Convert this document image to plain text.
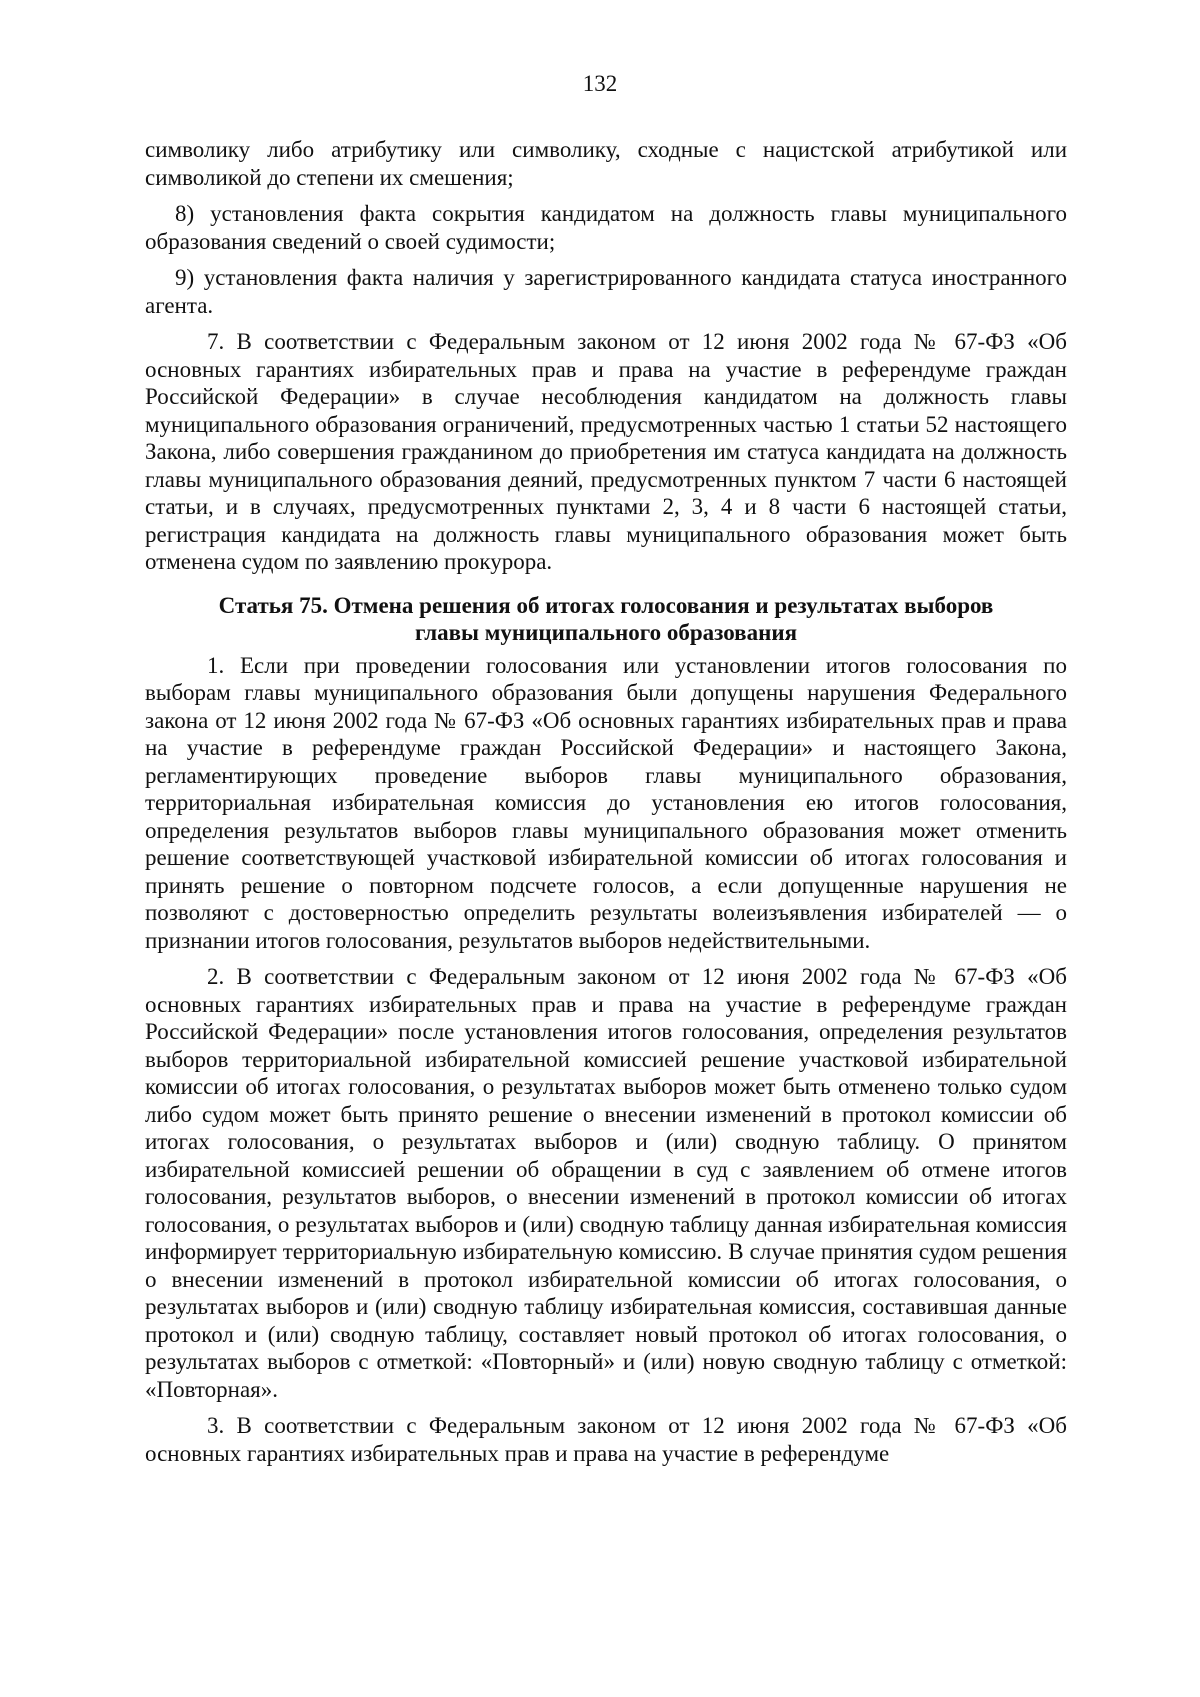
132

символику либо атрибутику или символику, сходные с нацистской атрибутикой или символикой до степени их смешения;

8) установления факта сокрытия кандидатом на должность главы муниципального образования сведений о своей судимости;

9) установления факта наличия у зарегистрированного кандидата статуса иностранного агента.

7. В соответствии с Федеральным законом от 12 июня 2002 года № 67-ФЗ «Об основных гарантиях избирательных прав и права на участие в референдуме граждан Российской Федерации» в случае несоблюдения кандидатом на должность главы муниципального образования ограничений, предусмотренных частью 1 статьи 52 настоящего Закона, либо совершения гражданином до приобретения им статуса кандидата на должность главы муниципального образования деяний, предусмотренных пунктом 7 части 6 настоящей статьи, и в случаях, предусмотренных пунктами 2, 3, 4 и 8 части 6 настоящей статьи, регистрация кандидата на должность главы муниципального образования может быть отменена судом по заявлению прокурора.

Статья 75. Отмена решения об итогах голосования и результатах выборов
главы муниципального образования

1. Если при проведении голосования или установлении итогов голосования по выборам главы муниципального образования были допущены нарушения Федерального закона от 12 июня 2002 года № 67-ФЗ «Об основных гарантиях избирательных прав и права на участие в референдуме граждан Российской Федерации» и настоящего Закона, регламентирующих проведение выборов главы муниципального образования, территориальная избирательная комиссия до установления ею итогов голосования, определения результатов выборов главы муниципального образования может отменить решение соответствующей участковой избирательной комиссии об итогах голосования и принять решение о повторном подсчете голосов, а если допущенные нарушения не позволяют с достоверностью определить результаты волеизъявления избирателей — о признании итогов голосования, результатов выборов недействительными.

2. В соответствии с Федеральным законом от 12 июня 2002 года № 67-ФЗ «Об основных гарантиях избирательных прав и права на участие в референдуме граждан Российской Федерации» после установления итогов голосования, определения результатов выборов территориальной избирательной комиссией решение участковой избирательной комиссии об итогах голосования, о результатах выборов может быть отменено только судом либо судом может быть принято решение о внесении изменений в протокол комиссии об итогах голосования, о результатах выборов и (или) сводную таблицу. О принятом избирательной комиссией решении об обращении в суд с заявлением об отмене итогов голосования, результатов выборов, о внесении изменений в протокол комиссии об итогах голосования, о результатах выборов и (или) сводную таблицу данная избирательная комиссия информирует территориальную избирательную комиссию. В случае принятия судом решения о внесении изменений в протокол избирательной комиссии об итогах голосования, о результатах выборов и (или) сводную таблицу избирательная комиссия, составившая данные протокол и (или) сводную таблицу, составляет новый протокол об итогах голосования, о результатах выборов с отметкой: «Повторный» и (или) новую сводную таблицу с отметкой: «Повторная».

3. В соответствии с Федеральным законом от 12 июня 2002 года № 67-ФЗ «Об основных гарантиях избирательных прав и права на участие в референдуме
